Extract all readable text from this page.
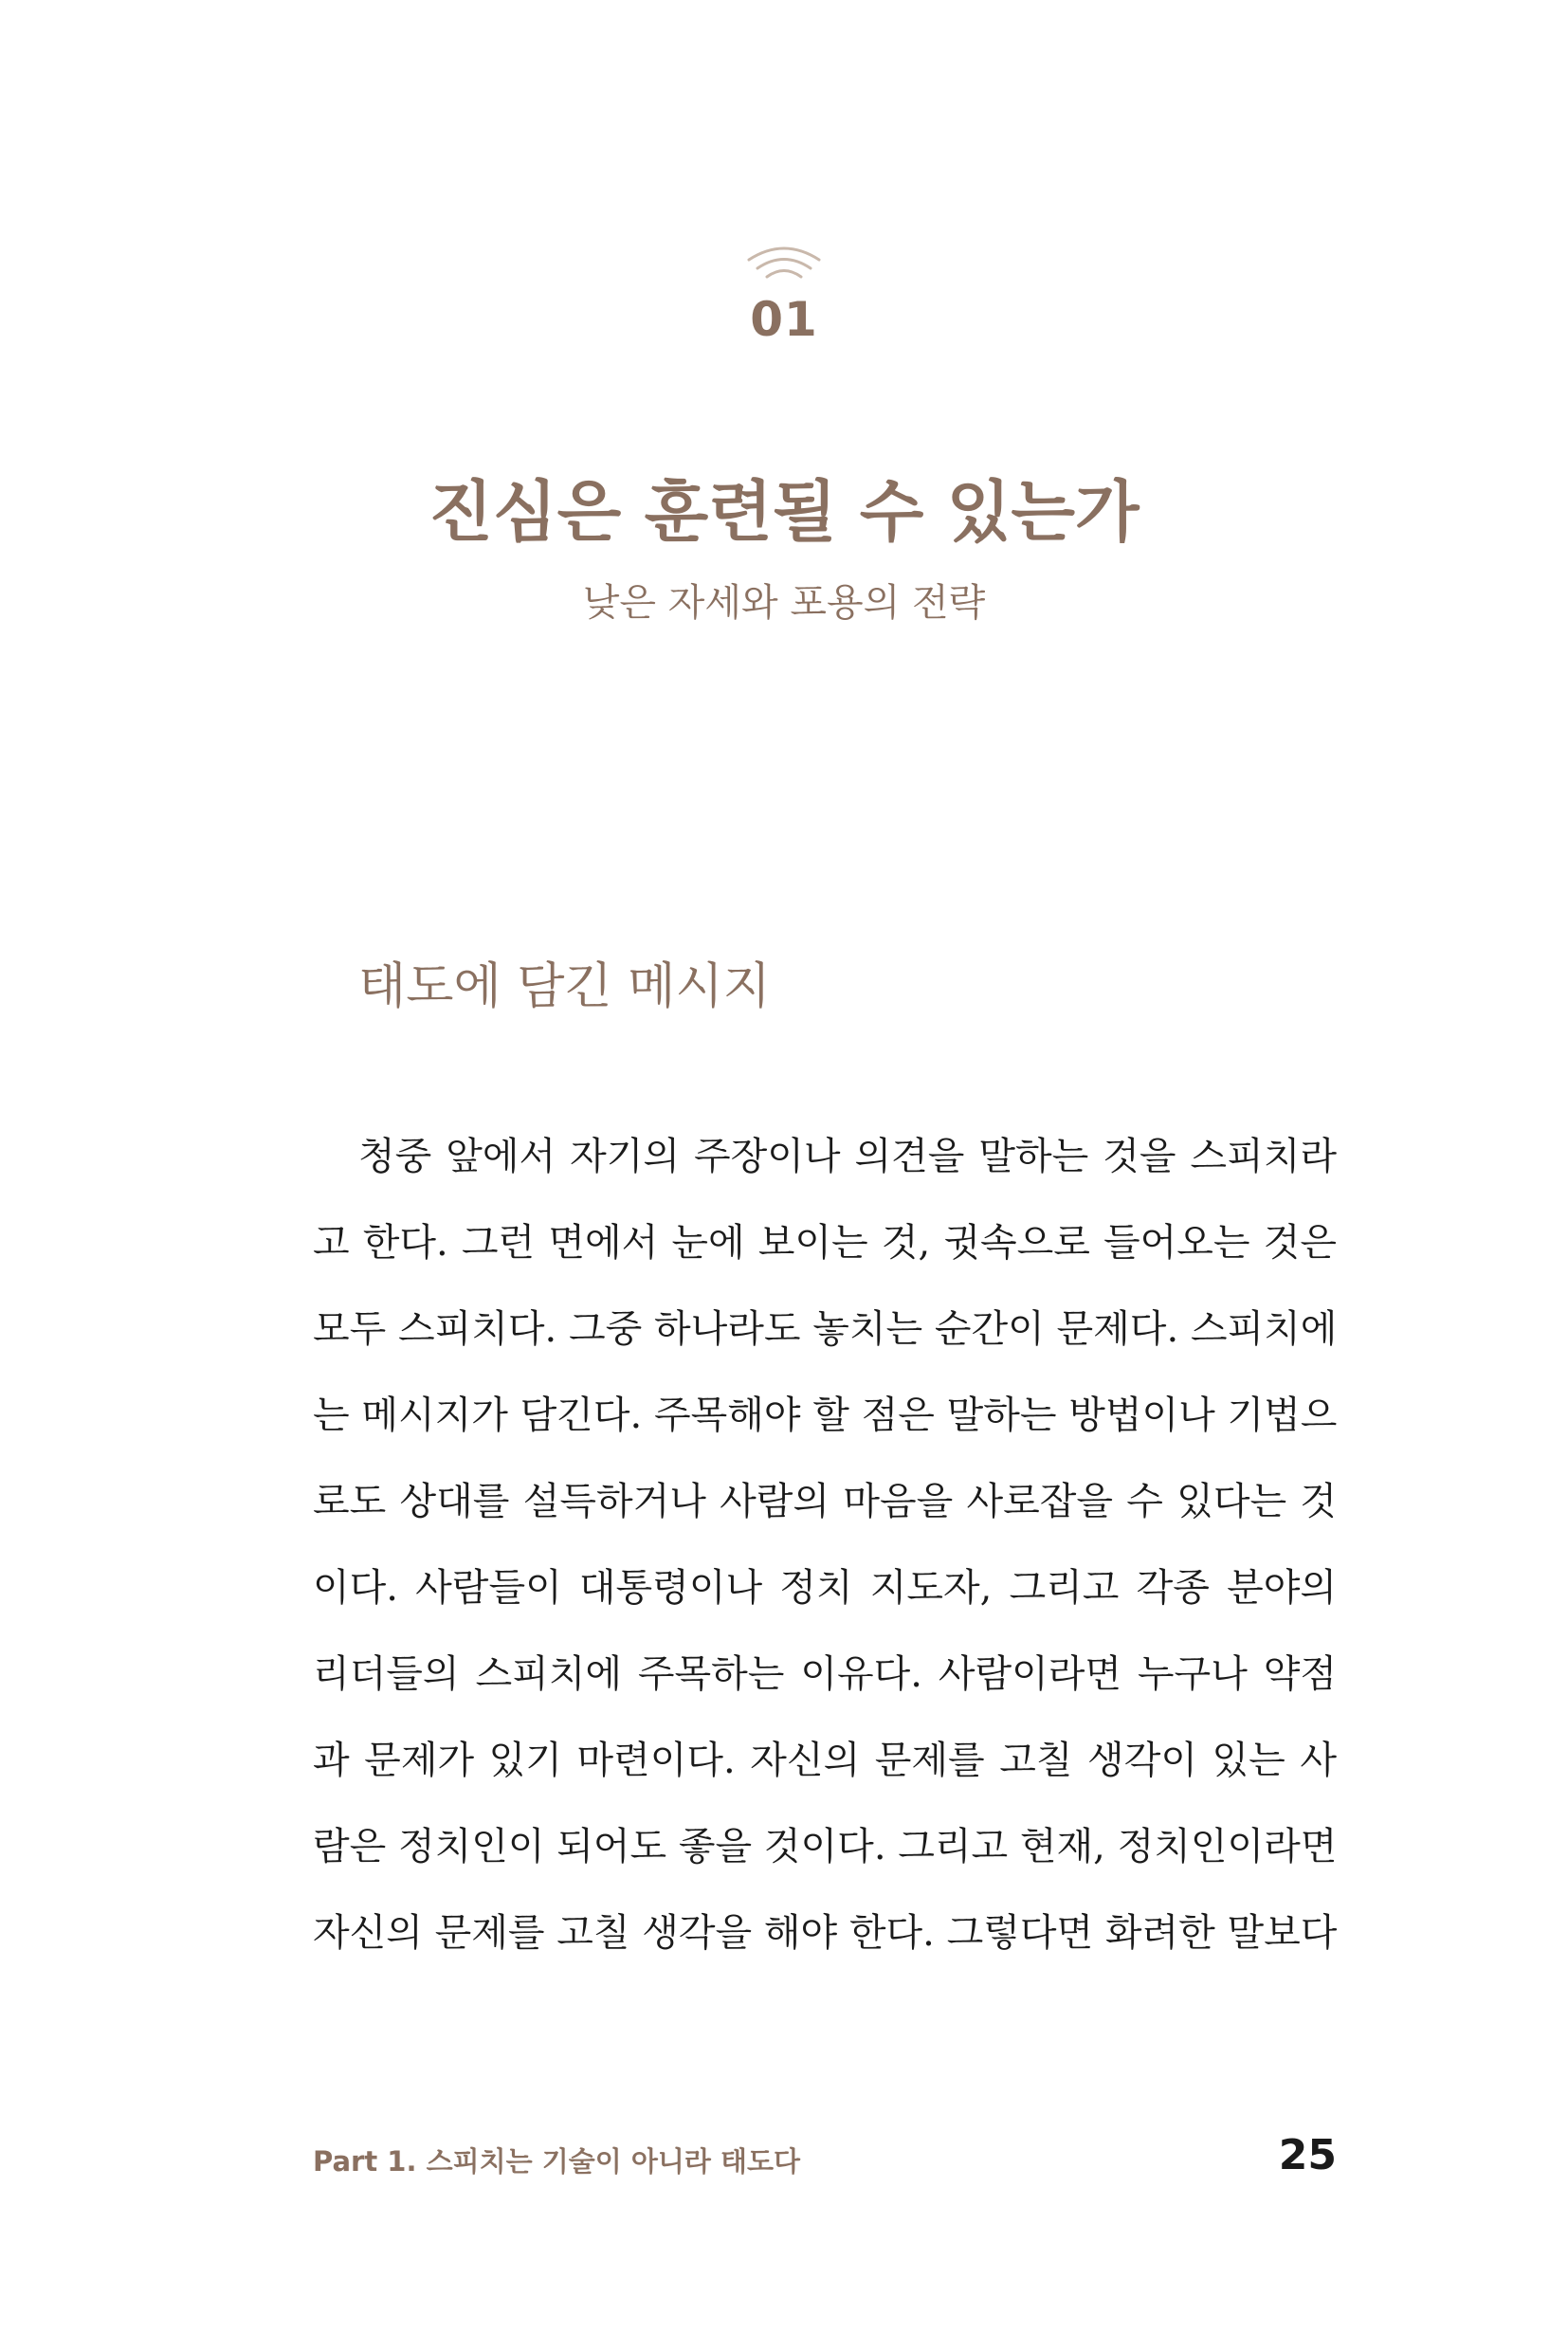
01
진심은 훈련될 수 있는가
낮은 자세와 포용의 전략
태도에 담긴 메시지
청중 앞에서 자기의 주장이나 의견을 말하는 것을 스피치라
고 한다. 그런 면에서 눈에 보이는 것, 귓속으로 들어오는 것은
모두 스피치다. 그중 하나라도 놓치는 순간이 문제다. 스피치에
는 메시지가 담긴다. 주목해야 할 점은 말하는 방법이나 기법으
로도 상대를 설득하거나 사람의 마음을 사로잡을 수 있다는 것
이다. 사람들이 대통령이나 정치 지도자, 그리고 각종 분야의
리더들의 스피치에 주목하는 이유다. 사람이라면 누구나 약점
과 문제가 있기 마련이다. 자신의 문제를 고칠 생각이 있는 사
람은 정치인이 되어도 좋을 것이다. 그리고 현재, 정치인이라면
자신의 문제를 고칠 생각을 해야 한다. 그렇다면 화려한 말보다
Part 1. 스피치는 기술이 아니라 태도다	25
